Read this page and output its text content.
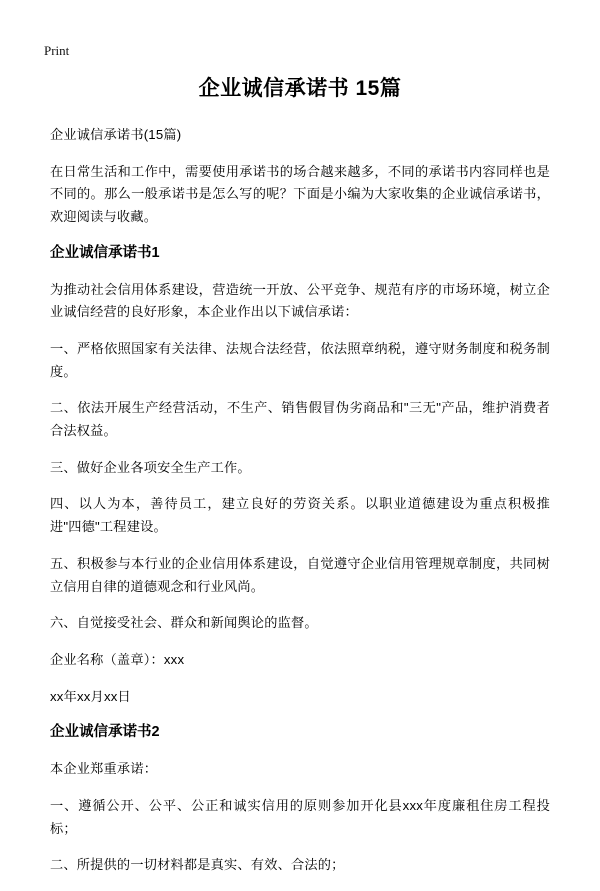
Print
企业诚信承诺书 15篇

企业诚信承诺书(15篇)

在日常生活和工作中，需要使用承诺书的场合越来越多，不同的承诺书内容同样也是不同的。那么一般承诺书是怎么写的呢？下面是小编为大家收集的企业诚信承诺书，欢迎阅读与收藏。

企业诚信承诺书1

为推动社会信用体系建设，营造统一开放、公平竞争、规范有序的市场环境，树立企业诚信经营的良好形象，本企业作出以下诚信承诺：

一、严格依照国家有关法律、法规合法经营，依法照章纳税，遵守财务制度和税务制度。

二、依法开展生产经营活动，不生产、销售假冒伪劣商品和"三无"产品，维护消费者合法权益。

三、做好企业各项安全生产工作。

四、以人为本，善待员工，建立良好的劳资关系。以职业道德建设为重点积极推进"四德"工程建设。

五、积极参与本行业的企业信用体系建设，自觉遵守企业信用管理规章制度，共同树立信用自律的道德观念和行业风尚。

六、自觉接受社会、群众和新闻舆论的监督。

企业名称（盖章）：xxx

xx年xx月xx日

企业诚信承诺书2

本企业郑重承诺：

一、遵循公开、公平、公正和诚实信用的原则参加开化县xxx年度廉租住房工程投标；

二、所提供的一切材料都是真实、有效、合法的；
